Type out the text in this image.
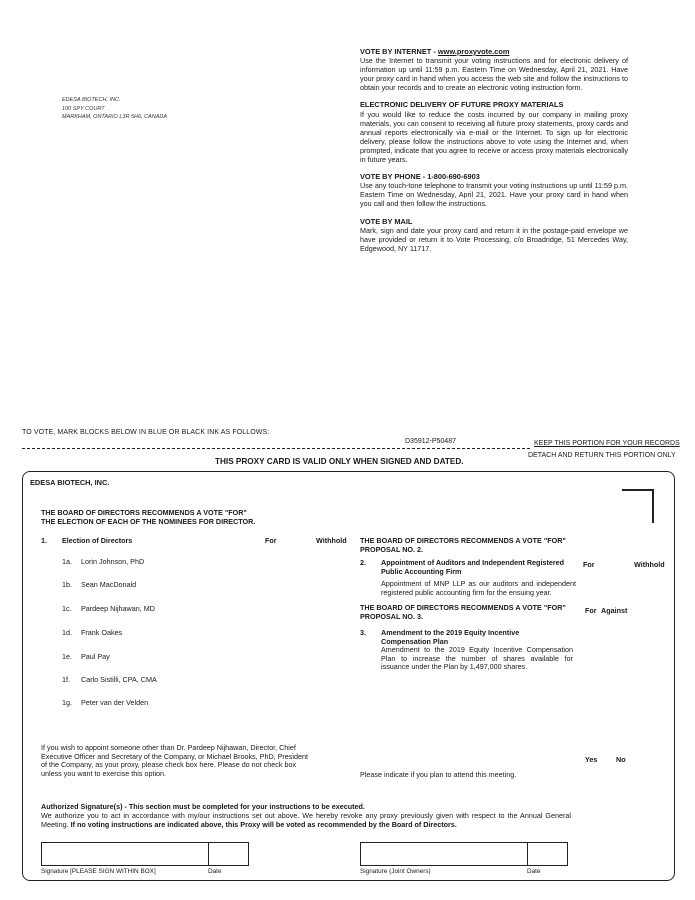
EDESA BIOTECH, INC.
100 SPY COURT
MARKHAM, ONTARIO L3R 5H6, CANADA
VOTE BY INTERNET - www.proxyvote.com
Use the Internet to transmit your voting instructions and for electronic delivery of information up until 11:59 p.m. Eastern Time on Wednesday, April 21, 2021. Have your proxy card in hand when you access the web site and follow the instructions to obtain your records and to create an electronic voting instruction form.
ELECTRONIC DELIVERY OF FUTURE PROXY MATERIALS
If you would like to reduce the costs incurred by our company in mailing proxy materials, you can consent to receiving all future proxy statements, proxy cards and annual reports electronically via e-mail or the Internet. To sign up for electronic delivery, please follow the instructions above to vote using the Internet and, when prompted, indicate that you agree to receive or access proxy materials electronically in future years.
VOTE BY PHONE - 1-800-690-6903
Use any touch-tone telephone to transmit your voting instructions up until 11:59 p.m. Eastern Time on Wednesday, April 21, 2021. Have your proxy card in hand when you call and then follow the instructions.
VOTE BY MAIL
Mark, sign and date your proxy card and return it in the postage-paid envelope we have provided or return it to Vote Processing, c/o Broadridge, 51 Mercedes Way, Edgewood, NY 11717.
TO VOTE, MARK BLOCKS BELOW IN BLUE OR BLACK INK AS FOLLOWS:
D35912-P50487	KEEP THIS PORTION FOR YOUR RECORDS
DETACH AND RETURN THIS PORTION ONLY
THIS PROXY CARD IS VALID ONLY WHEN SIGNED AND DATED.
EDESA BIOTECH, INC.
THE BOARD OF DIRECTORS RECOMMENDS A VOTE "FOR"
THE ELECTION OF EACH OF THE NOMINEES FOR DIRECTOR.
1. Election of Directors	For	Withhold
1a. Lorin Johnson, PhD
1b. Sean MacDonald
1c. Pardeep Nijhawan, MD
1d. Frank Oakes
1e. Paul Pay
1f. Carlo Sistilli, CPA, CMA
1g. Peter van der Velden
THE BOARD OF DIRECTORS RECOMMENDS A VOTE "FOR"
PROPOSAL NO. 2.
2. Appointment of Auditors and Independent Registered Public Accounting Firm
Appointment of MNP LLP as our auditors and independent registered public accounting firm for the ensuing year.
For	Withhold
THE BOARD OF DIRECTORS RECOMMENDS A VOTE "FOR"
PROPOSAL NO. 3.
For Against
3. Amendment to the 2019 Equity Incentive Compensation Plan
Amendment to the 2019 Equity Incentive Compensation Plan to increase the number of shares available for issuance under the Plan by 1,497,000 shares.
If you wish to appoint someone other than Dr. Pardeep Nijhawan, Director, Chief Executive Officer and Secretary of the Company, or Michael Brooks, PhD, President of the Company, as your proxy, please check box here. Please do not check box unless you want to exercise this option.	Please indicate if you plan to attend this meeting.
Yes	No
Authorized Signature(s) - This section must be completed for your instructions to be executed.
We authorize you to act in accordance with my/our instructions set out above. We hereby revoke any proxy previously given with respect to the Annual General Meeting. If no voting instructions are indicated above, this Proxy will be voted as recommended by the Board of Directors.
Signature [PLEASE SIGN WITHIN BOX]	Date	Signature (Joint Owners)	Date
